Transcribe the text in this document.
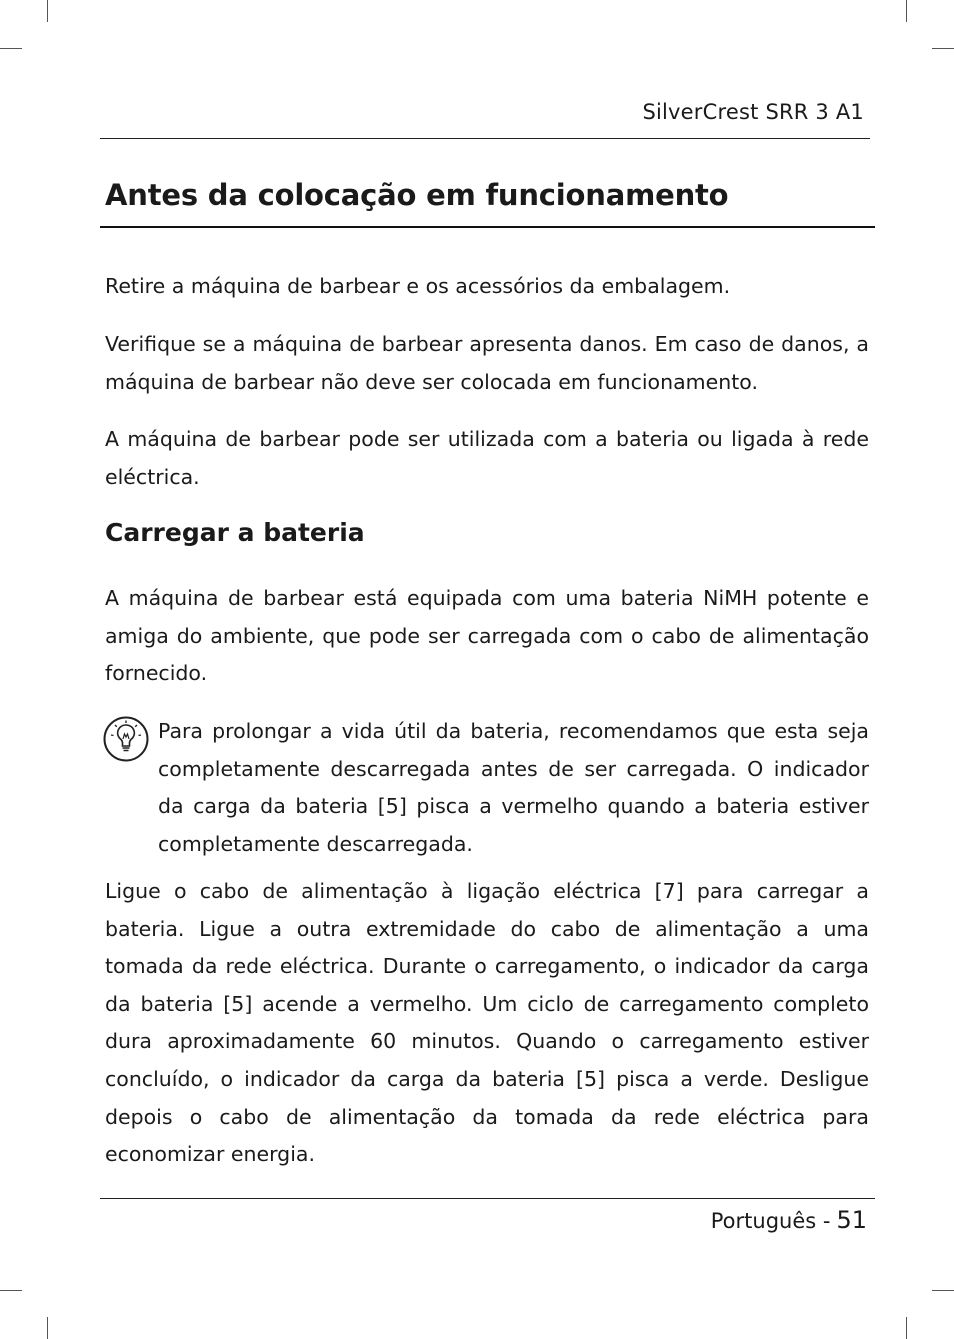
SilverCrest SRR 3 A1
Antes da colocação em funcionamento

Retire a máquina de barbear e os acessórios da embalagem.

Verifique se a máquina de barbear apresenta danos. Em caso de danos, a máquina de barbear não deve ser colocada em funcionamento.

A máquina de barbear pode ser utilizada com a bateria ou ligada à rede eléctrica.

Carregar a bateria

A máquina de barbear está equipada com uma bateria NiMH potente e amiga do ambiente, que pode ser carregada com o cabo de alimentação fornecido.

Para prolongar a vida útil da bateria, recomendamos que esta seja completamente descarregada antes de ser carregada. O indicador da carga da bateria [5] pisca a vermelho quando a bateria estiver completamente descarregada.

Ligue o cabo de alimentação à ligação eléctrica [7] para carregar a bateria. Ligue a outra extremidade do cabo de alimentação a uma tomada da rede eléctrica. Durante o carregamento, o indicador da carga da bateria [5] acende a vermelho. Um ciclo de carregamento completo dura aproximadamente 60 minutos. Quando o carregamento estiver concluído, o indicador da carga da bateria [5] pisca a verde. Desligue depois o cabo de alimentação da tomada da rede eléctrica para economizar energia.

Português - 51
